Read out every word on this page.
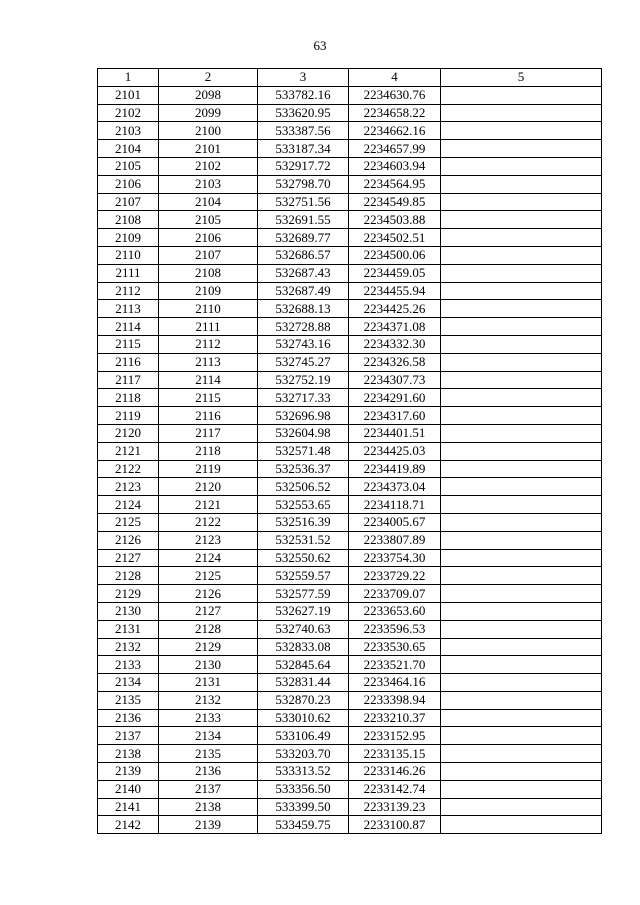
63
1	2	3	4	5
2101	2098	533782.16	2234630.76	
2102	2099	533620.95	2234658.22	
2103	2100	533387.56	2234662.16	
2104	2101	533187.34	2234657.99	
2105	2102	532917.72	2234603.94	
2106	2103	532798.70	2234564.95	
2107	2104	532751.56	2234549.85	
2108	2105	532691.55	2234503.88	
2109	2106	532689.77	2234502.51	
2110	2107	532686.57	2234500.06	
2111	2108	532687.43	2234459.05	
2112	2109	532687.49	2234455.94	
2113	2110	532688.13	2234425.26	
2114	2111	532728.88	2234371.08	
2115	2112	532743.16	2234332.30	
2116	2113	532745.27	2234326.58	
2117	2114	532752.19	2234307.73	
2118	2115	532717.33	2234291.60	
2119	2116	532696.98	2234317.60	
2120	2117	532604.98	2234401.51	
2121	2118	532571.48	2234425.03	
2122	2119	532536.37	2234419.89	
2123	2120	532506.52	2234373.04	
2124	2121	532553.65	2234118.71	
2125	2122	532516.39	2234005.67	
2126	2123	532531.52	2233807.89	
2127	2124	532550.62	2233754.30	
2128	2125	532559.57	2233729.22	
2129	2126	532577.59	2233709.07	
2130	2127	532627.19	2233653.60	
2131	2128	532740.63	2233596.53	
2132	2129	532833.08	2233530.65	
2133	2130	532845.64	2233521.70	
2134	2131	532831.44	2233464.16	
2135	2132	532870.23	2233398.94	
2136	2133	533010.62	2233210.37	
2137	2134	533106.49	2233152.95	
2138	2135	533203.70	2233135.15	
2139	2136	533313.52	2233146.26	
2140	2137	533356.50	2233142.74	
2141	2138	533399.50	2233139.23	
2142	2139	533459.75	2233100.87	
